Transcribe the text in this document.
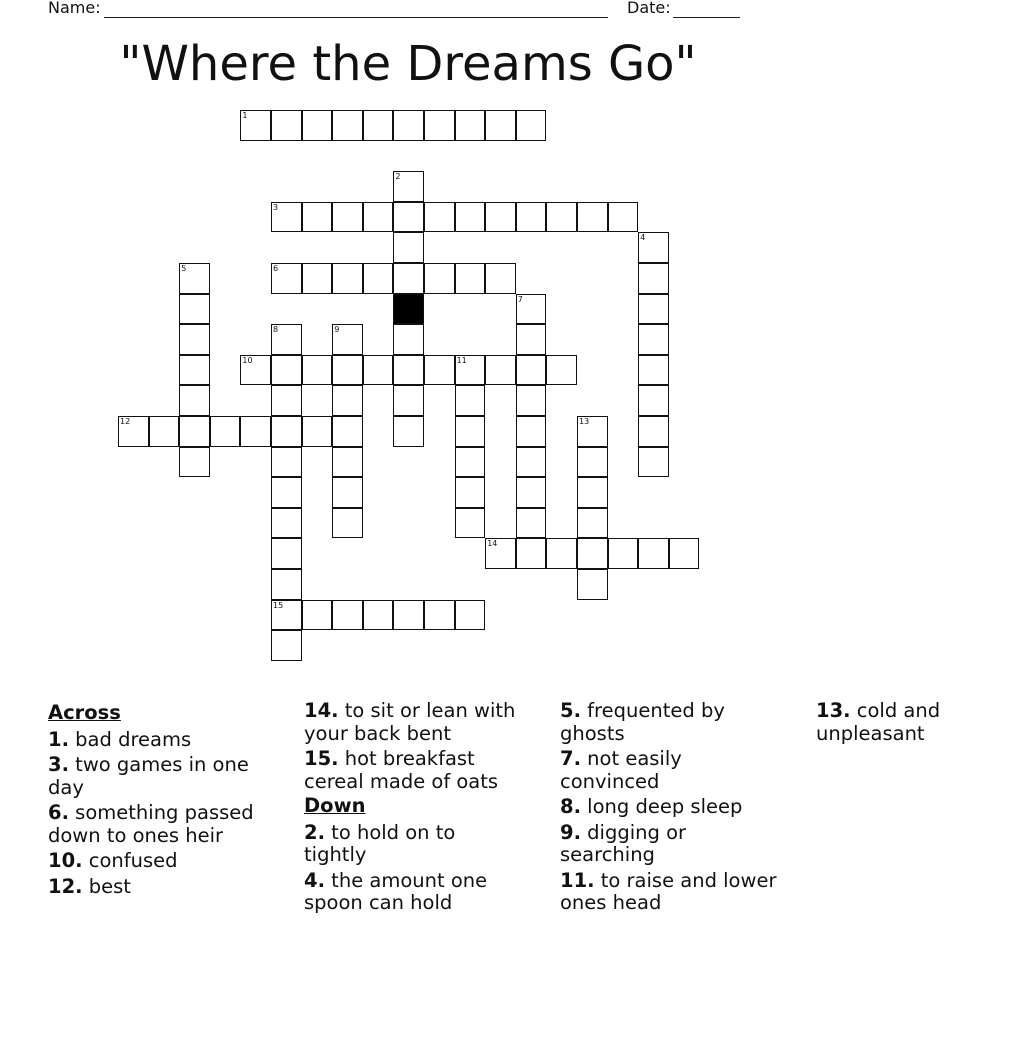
Name:	Date:
"Where the Dreams Go"
1
2
3
4
5	6
7
8
15
9
10	11
12	13
14
Across
1. bad dreams
3. two games in one day
6. something passed down to ones heir
10. confused
12. best
14. to sit or lean with your back bent
15. hot breakfast cereal made of oats
Down
2. to hold on to tightly
4. the amount one spoon can hold
5. frequented by ghosts
7. not easily convinced
8. long deep sleep
9. digging or searching
11. to raise and lower ones head
13. cold and unpleasant
